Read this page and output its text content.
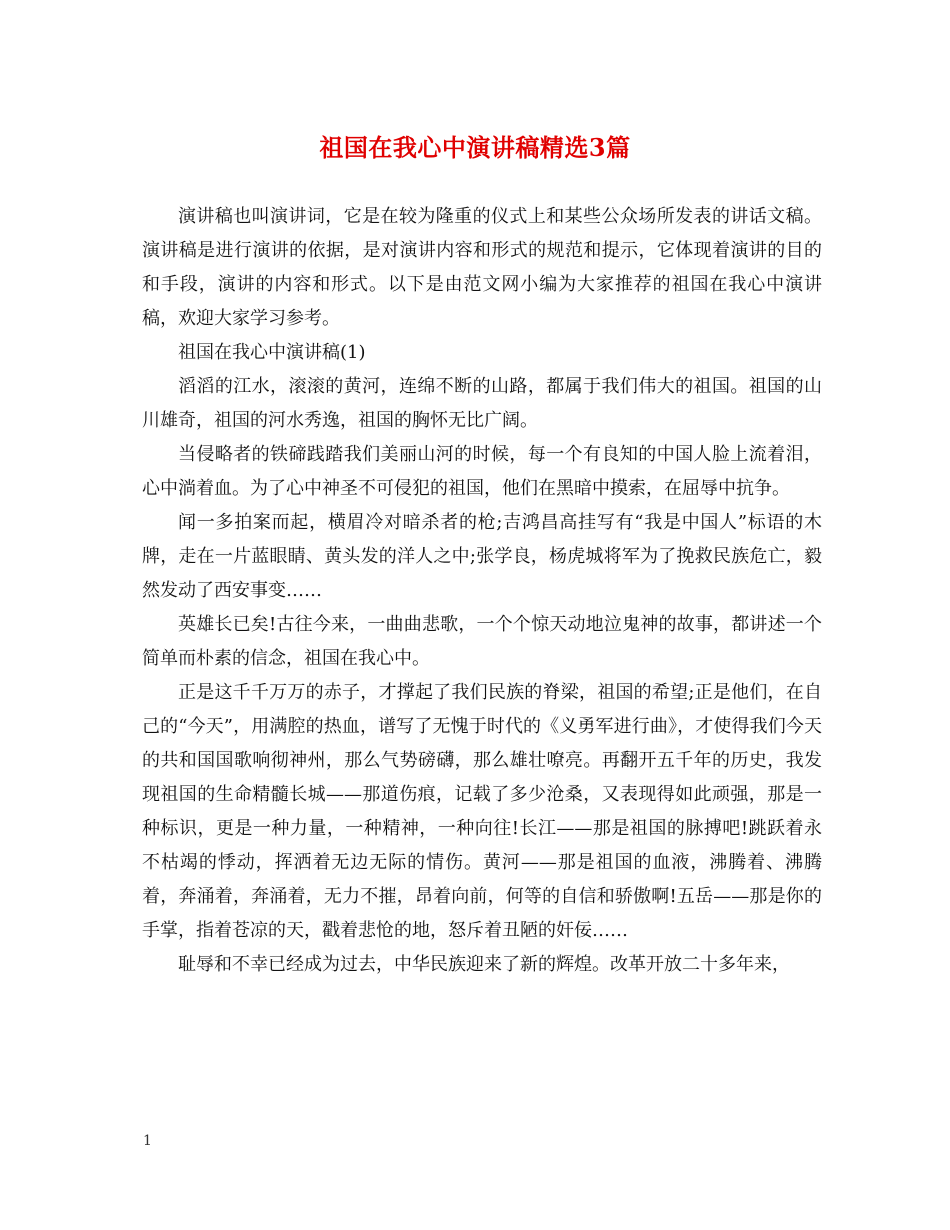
祖国在我心中演讲稿精选3篇

演讲稿也叫演讲词，它是在较为隆重的仪式上和某些公众场所发表的讲话文稿。演讲稿是进行演讲的依据，是对演讲内容和形式的规范和提示，它体现着演讲的目的和手段，演讲的内容和形式。以下是由范文网小编为大家推荐的祖国在我心中演讲稿，欢迎大家学习参考。

祖国在我心中演讲稿(1)

滔滔的江水，滚滚的黄河，连绵不断的山路，都属于我们伟大的祖国。祖国的山川雄奇，祖国的河水秀逸，祖国的胸怀无比广阔。

当侵略者的铁碲践踏我们美丽山河的时候，每一个有良知的中国人脸上流着泪，心中淌着血。为了心中神圣不可侵犯的祖国，他们在黑暗中摸索，在屈辱中抗争。

闻一多拍案而起，横眉冷对暗杀者的枪;吉鸿昌高挂写有“我是中国人”标语的木牌，走在一片蓝眼睛、黄头发的洋人之中;张学良，杨虎城将军为了挽救民族危亡，毅然发动了西安事变……

英雄长已矣!古往今来，一曲曲悲歌，一个个惊天动地泣鬼神的故事，都讲述一个简单而朴素的信念，祖国在我心中。

正是这千千万万的赤子，才撑起了我们民族的脊梁，祖国的希望;正是他们，在自己的“今天”，用满腔的热血，谱写了无愧于时代的《义勇军进行曲》，才使得我们今天的共和国国歌响彻神州，那么气势磅礴，那么雄壮嘹亮。再翻开五千年的历史，我发现祖国的生命精髓长城——那道伤痕，记载了多少沧桑，又表现得如此顽强，那是一种标识，更是一种力量，一种精神，一种向往!长江——那是祖国的脉搏吧!跳跃着永不枯竭的悸动，挥洒着无边无际的情伤。黄河——那是祖国的血液，沸腾着、沸腾着，奔涌着，奔涌着，无力不摧，昂着向前，何等的自信和骄傲啊!五岳——那是你的手掌，指着苍凉的天，戳着悲怆的地，怒斥着丑陋的奸佞……

耻辱和不幸已经成为过去，中华民族迎来了新的辉煌。改革开放二十多年来，

1
